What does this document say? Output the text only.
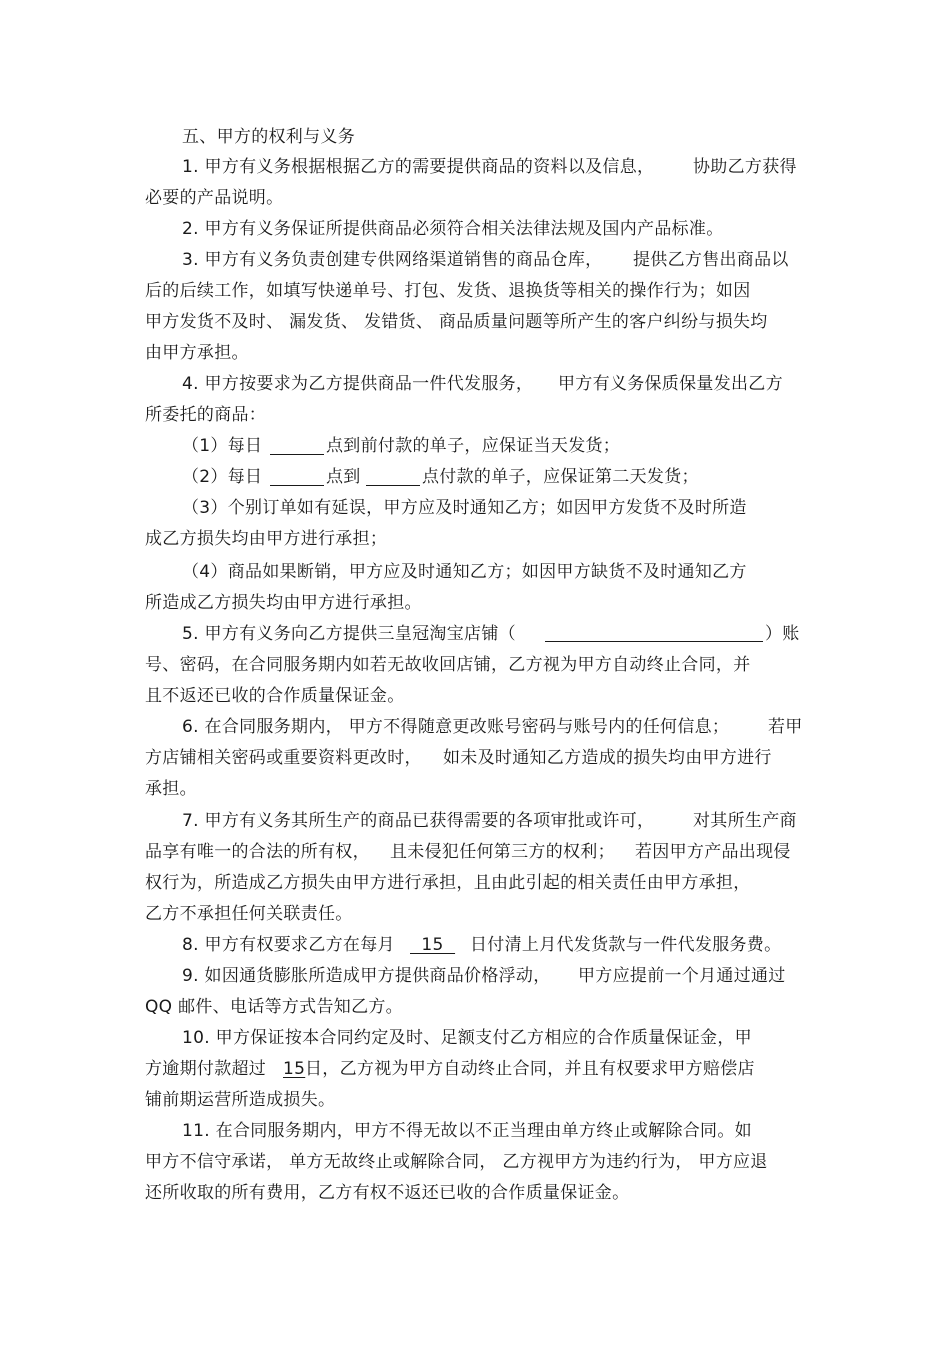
五、甲方的权利与义务
1. 甲方有义务根据根据乙方的需要提供商品的资料以及信息， 协助乙方获得
必要的产品说明。
2. 甲方有义务保证所提供商品必须符合相关法律法规及国内产品标准。
3. 甲方有义务负责创建专供网络渠道销售的商品仓库， 提供乙方售出商品以
后的后续工作，如填写快递单号、打包、发货、退换货等相关的操作行为；如因
甲方发货不及时、 漏发货、 发错货、 商品质量问题等所产生的客户纠纷与损失均
由甲方承担。
4. 甲方按要求为乙方提供商品一件代发服务， 甲方有义务保质保量发出乙方
所委托的商品：
（1）每日	点到前付款的单子，应保证当天发货；
（2）每日	点到	点付款的单子，应保证第二天发货；
（3）个别订单如有延误，甲方应及时通知乙方；如因甲方发货不及时所造
成乙方损失均由甲方进行承担；
（4）商品如果断销，甲方应及时通知乙方；如因甲方缺货不及时通知乙方
所造成乙方损失均由甲方进行承担。
5. 甲方有义务向乙方提供三皇冠淘宝店铺（	）账
号、密码，在合同服务期内如若无故收回店铺，乙方视为甲方自动终止合同，并
且不返还已收的合作质量保证金。
6. 在合同服务期内， 甲方不得随意更改账号密码与账号内的任何信息； 若甲
方店铺相关密码或重要资料更改时， 如未及时通知乙方造成的损失均由甲方进行
承担。
7. 甲方有义务其所生产的商品已获得需要的各项审批或许可， 对其所生产商
品享有唯一的合法的所有权， 且未侵犯任何第三方的权利； 若因甲方产品出现侵
权行为，所造成乙方损失由甲方进行承担，且由此引起的相关责任由甲方承担，
乙方不承担任何关联责任。
8. 甲方有权要求乙方在每月 15 日付清上月代发货款与一件代发服务费。
9. 如因通货膨胀所造成甲方提供商品价格浮动， 甲方应提前一个月通过通过
QQ 邮件、电话等方式告知乙方。
10. 甲方保证按本合同约定及时、足额支付乙方相应的合作质量保证金，甲
方逾期付款超过 15 日，乙方视为甲方自动终止合同，并且有权要求甲方赔偿店
铺前期运营所造成损失。
11. 在合同服务期内，甲方不得无故以不正当理由单方终止或解除合同。如
甲方不信守承诺， 单方无故终止或解除合同， 乙方视甲方为违约行为， 甲方应退
还所收取的所有费用，乙方有权不返还已收的合作质量保证金。
